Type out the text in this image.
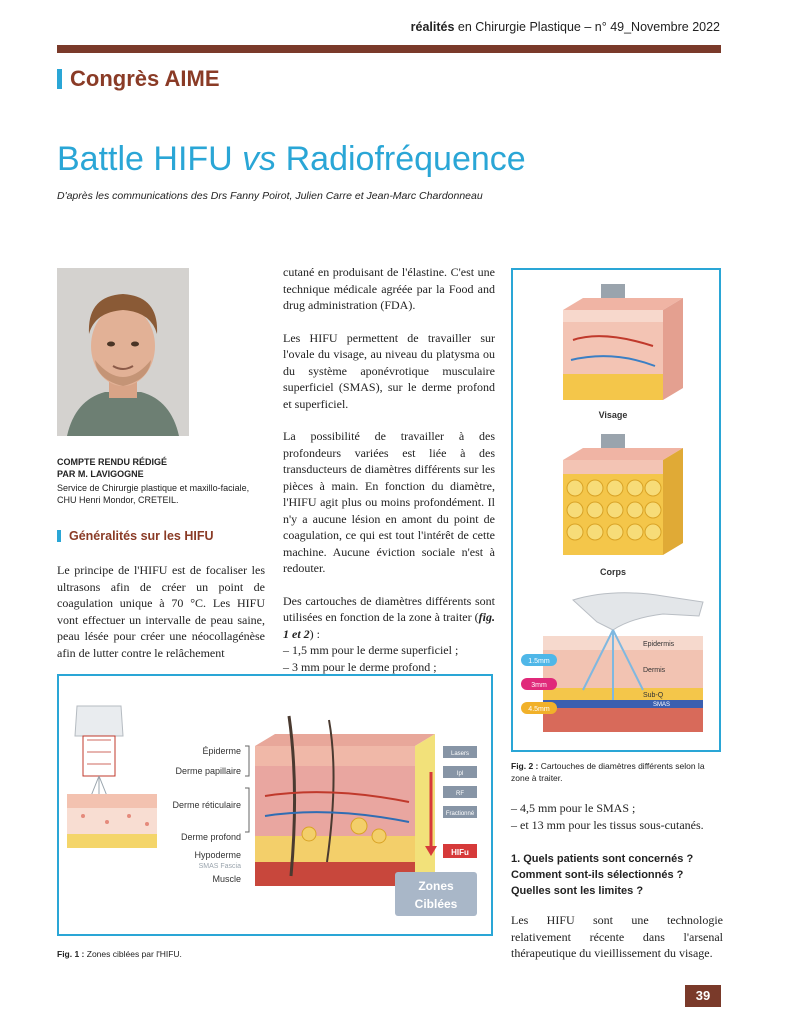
réalités en Chirurgie Plastique – n° 49_Novembre 2022
Congrès AIME
Battle HIFU vs Radiofréquence
D'après les communications des Drs Fanny Poirot, Julien Carre et Jean-Marc Chardonneau
COMPTE RENDU RÉDIGÉ
PAR M. LAVIGOGNE
Service de Chirurgie plastique et maxillo-faciale,
CHU Henri Mondor, CRETEIL.
Généralités sur les HIFU

Le principe de l'HIFU est de focaliser les ultrasons afin de créer un point de coagulation unique à 70 °C. Les HIFU vont effectuer un intervalle de peau saine, peau lésée pour créer une néocollagénèse afin de lutter contre le relâchement

cutané en produisant de l'élastine. C'est une technique médicale agréée par la Food and drug administration (FDA).

Les HIFU permettent de travailler sur l'ovale du visage, au niveau du platysma ou du système aponévrotique musculaire superficiel (SMAS), sur le derme profond et superficiel.

La possibilité de travailler à des profondeurs variées est liée à des transducteurs de diamètres différents sur les pièces à main. En fonction du diamètre, l'HIFU agit plus ou moins profondément. Il n'y a aucune lésion en amont du point de coagulation, ce qui est tout l'intérêt de cette machine. Aucune éviction sociale n'est à redouter.

Des cartouches de diamètres différents sont utilisées en fonction de la zone à traiter (fig. 1 et 2) :

– 1,5 mm pour le derme superficiel ;
– 3 mm pour le derme profond ;
Visage
Corps
Epidermis
Dermis
Sub-Q
SMAS
1.5mm
3mm
4.5mm
Fig. 2 : Cartouches de diamètres différents selon la zone à traiter.
– 4,5 mm pour le SMAS ;
– et 13 mm pour les tissus sous-cutanés.
1. Quels patients sont concernés ?
Comment sont-ils sélectionnés ?
Quelles sont les limites ?

Les HIFU sont une technologie relativement récente dans l'arsenal thérapeutique du vieillissement du visage.

Épiderme
Derme papillaire
Derme réticulaire
Derme profond
Hypoderme
SMAS Fascia
Muscle
Lasers
Ipl
RF
Fractionné
HIFu
Zones
Ciblées
Fig. 1 : Zones ciblées par l'HIFU.
39
